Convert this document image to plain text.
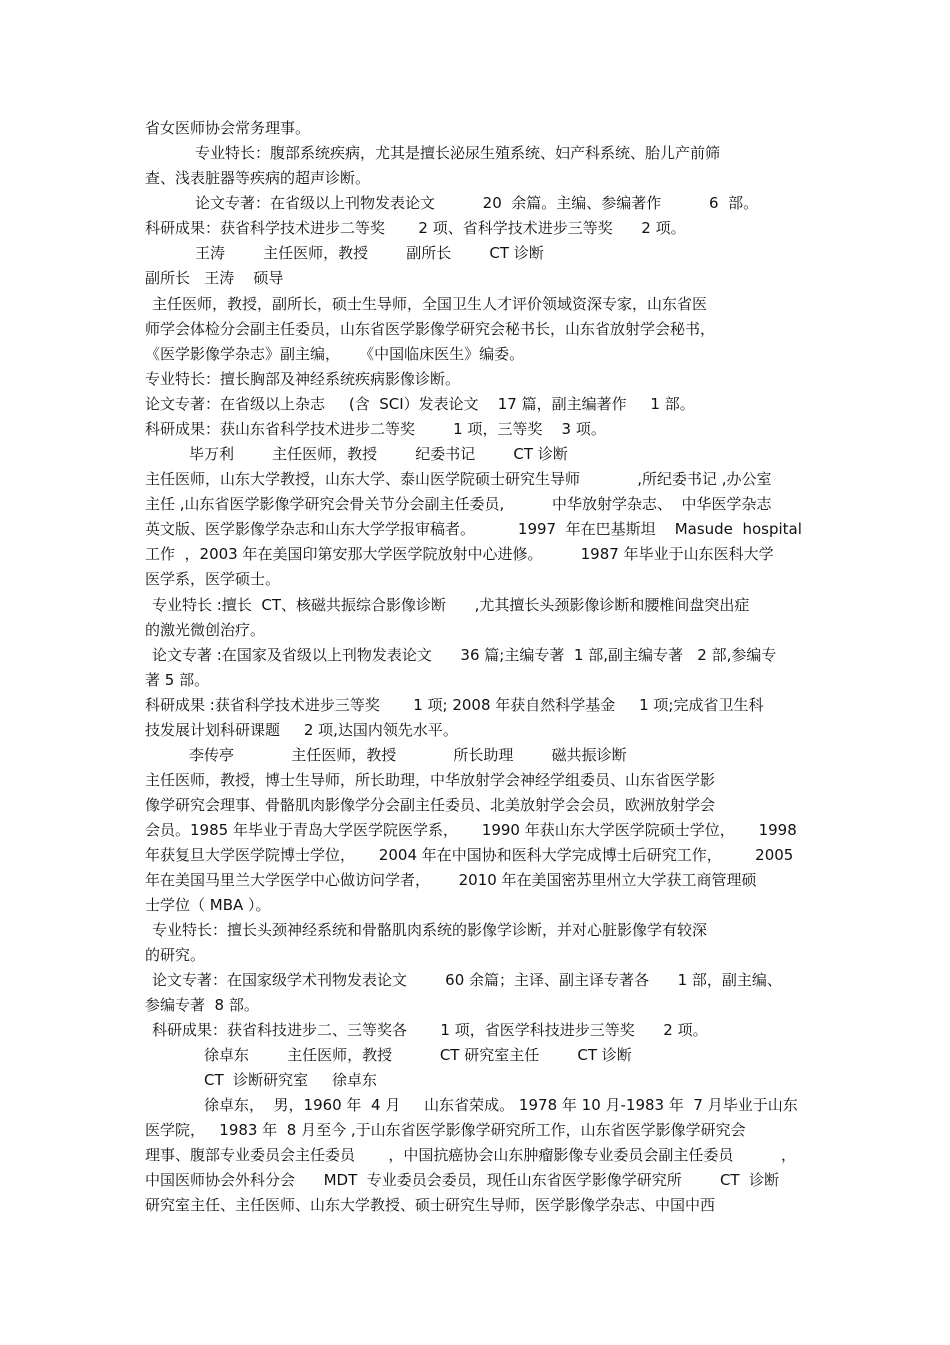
省女医师协会常务理事。
专业特长：腹部系统疾病，尤其是擅长泌尿生殖系统、妇产科系统、胎儿产前筛
查、浅表脏器等疾病的超声诊断。
论文专著：在省级以上刊物发表论文          20  余篇。主编、参编著作          6  部。
科研成果：获省科学技术进步二等奖       2 项、省科学技术进步三等奖      2 项。
王涛        主任医师，教授        副所长        CT 诊断
副所长   王涛    硕导
主任医师，教授，副所长，硕士生导师，全国卫生人才评价领域资深专家，山东省医
师学会体检分会副主任委员，山东省医学影像学研究会秘书长，山东省放射学会秘书，
《医学影像学杂志》副主编，    《中国临床医生》编委。
专业特长：擅长胸部及神经系统疾病影像诊断。
论文专著：在省级以上杂志     (含  SCI）发表论文    17 篇，副主编著作     1 部。
科研成果：获山东省科学技术进步二等奖        1 项，三等奖    3 项。
毕万利        主任医师，教授        纪委书记        CT 诊断
主任医师，山东大学教授，山东大学、泰山医学院硕士研究生导师            ,所纪委书记 ,办公室
主任 ,山东省医学影像学研究会骨关节分会副主任委员,          中华放射学杂志、  中华医学杂志
英文版、医学影像学杂志和山东大学学报审稿者。         1997  年在巴基斯坦    Masude  hospital
工作  ，2003 年在美国印第安那大学医学院放射中心进修。        1987 年毕业于山东医科大学
医学系，医学硕士。
专业特长 :擅长  CT、核磁共振综合影像诊断      ,尤其擅长头颈影像诊断和腰椎间盘突出症
的激光微创治疗。
论文专著 :在国家及省级以上刊物发表论文      36 篇;主编专著  1 部,副主编专著   2 部,参编专
著 5 部。
科研成果 :获省科学技术进步三等奖       1 项; 2008 年获自然科学基金     1 项;完成省卫生科
技发展计划科研课题     2 项,达国内领先水平。
李传亭            主任医师，教授            所长助理        磁共振诊断
主任医师，教授，博士生导师，所长助理，中华放射学会神经学组委员、山东省医学影
像学研究会理事、骨骼肌肉影像学分会副主任委员、北美放射学会会员，欧洲放射学会
会员。1985 年毕业于青岛大学医学院医学系，     1990 年获山东大学医学院硕士学位，     1998
年获复旦大学医学院博士学位，     2004 年在中国协和医科大学完成博士后研究工作，       2005
年在美国马里兰大学医学中心做访问学者，      2010 年在美国密苏里州立大学获工商管理硕
士学位（ MBA ）。
专业特长：擅长头颈神经系统和骨骼肌肉系统的影像学诊断，并对心脏影像学有较深
的研究。
论文专著：在国家级学术刊物发表论文        60 余篇；主译、副主译专著各      1 部，副主编、
参编专著  8 部。
科研成果：获省科技进步二、三等奖各       1 项，省医学科技进步三等奖      2 项。
徐卓东        主任医师，教授          CT 研究室主任        CT 诊断
CT  诊断研究室     徐卓东
徐卓东，  男，1960 年  4 月     山东省荣成。 1978 年 10 月-1983 年  7 月毕业于山东
医学院，   1983 年  8 月至今 ,于山东省医学影像学研究所工作，山东省医学影像学研究会
理事、腹部专业委员会主任委员       ，中国抗癌协会山东肿瘤影像专业委员会副主任委员          ，
中国医师协会外科分会      MDT  专业委员会委员，现任山东省医学影像学研究所        CT  诊断
研究室主任、主任医师、山东大学教授、硕士研究生导师，医学影像学杂志、中国中西
